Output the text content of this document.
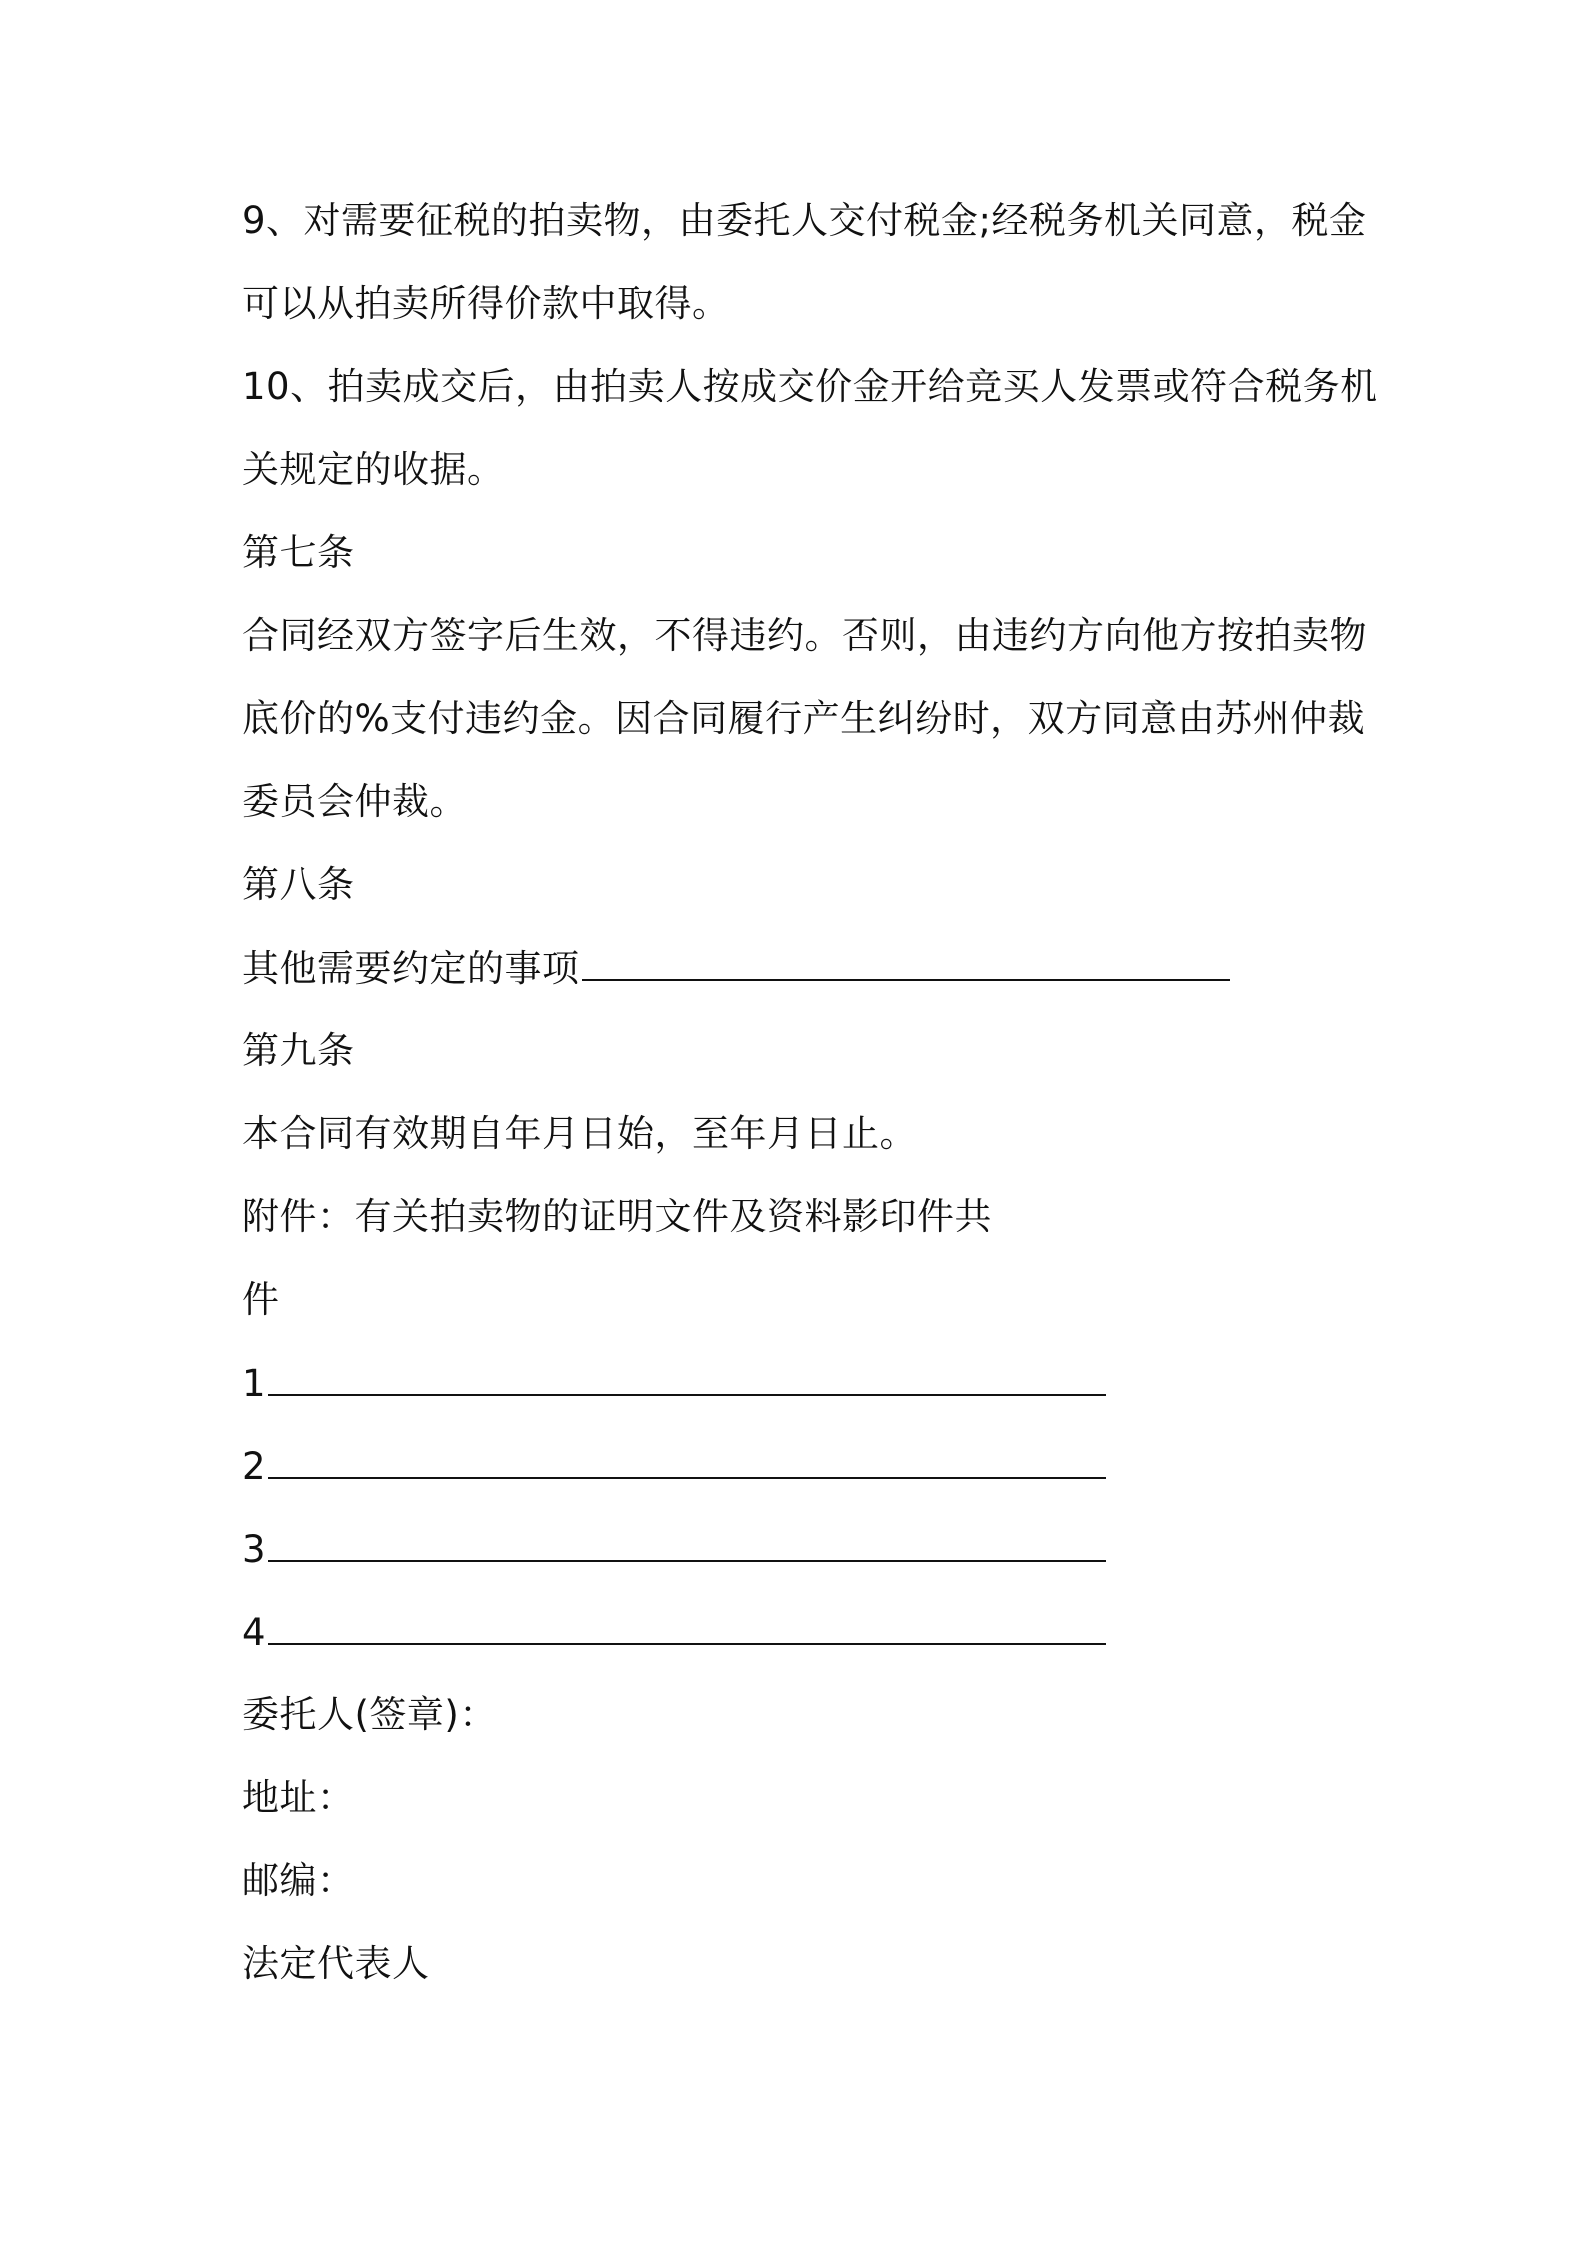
9、对需要征税的拍卖物，由委托人交付税金;经税务机关同意，税金
可以从拍卖所得价款中取得。
10、拍卖成交后，由拍卖人按成交价金开给竞买人发票或符合税务机
关规定的收据。
第七条
合同经双方签字后生效，不得违约。否则，由违约方向他方按拍卖物
底价的%支付违约金。因合同履行产生纠纷时，双方同意由苏州仲裁
委员会仲裁。
第八条
其他需要约定的事项
第九条
本合同有效期自年月日始，至年月日止。
附件：有关拍卖物的证明文件及资料影印件共
件
1
2
3
4
委托人(签章)：
地址：
邮编：
法定代表人
